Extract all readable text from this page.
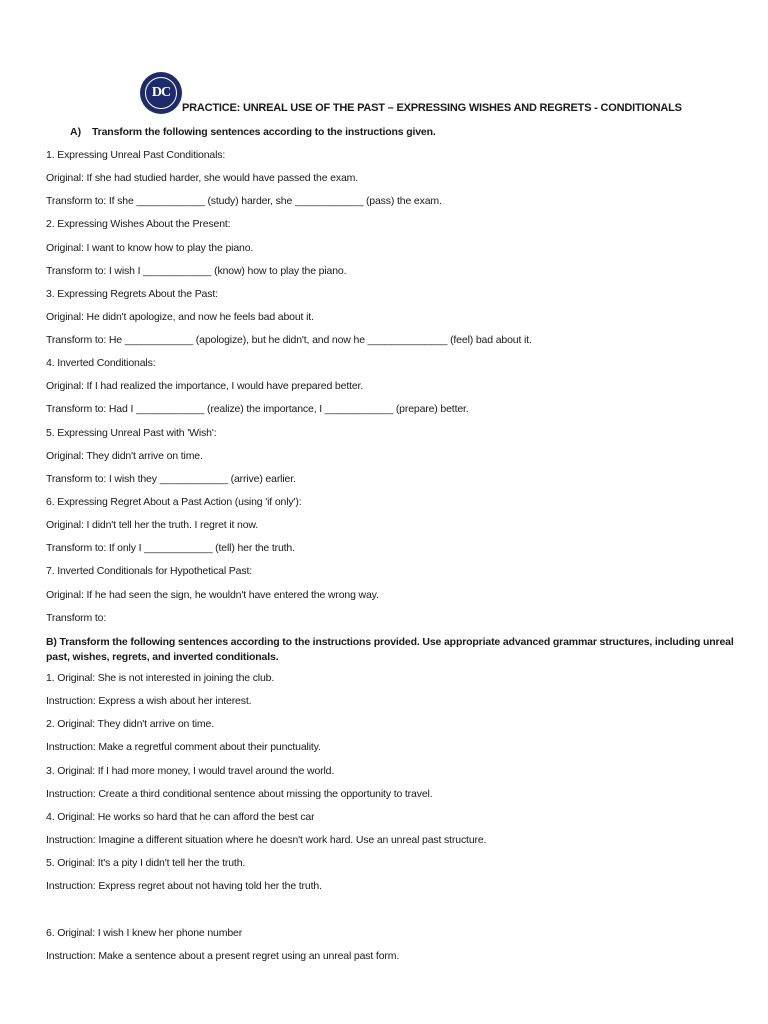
DC
PRACTICE: UNREAL USE OF THE PAST – EXPRESSING WISHES AND REGRETS - CONDITIONALS
A) Transform the following sentences according to the instructions given.
1. Expressing Unreal Past Conditionals:
Original: If she had studied harder, she would have passed the exam.
Transform to: If she ____________ (study) harder, she ____________ (pass) the exam.
2. Expressing Wishes About the Present:
Original: I want to know how to play the piano.
Transform to: I wish I ____________ (know) how to play the piano.
3. Expressing Regrets About the Past:
Original: He didn't apologize, and now he feels bad about it.
Transform to: He ____________ (apologize), but he didn't, and now he ______________ (feel) bad about it.
4. Inverted Conditionals:
Original: If I had realized the importance, I would have prepared better.
Transform to: Had I ____________ (realize) the importance, I ____________ (prepare) better.
5. Expressing Unreal Past with 'Wish':
Original: They didn't arrive on time.
Transform to: I wish they ____________ (arrive) earlier.
6. Expressing Regret About a Past Action (using 'if only'):
Original: I didn't tell her the truth. I regret it now.
Transform to: If only I ____________ (tell) her the truth.
7. Inverted Conditionals for Hypothetical Past:
Original: If he had seen the sign, he wouldn't have entered the wrong way.
Transform to:
B) Transform the following sentences according to the instructions provided. Use appropriate advanced grammar structures, including unreal past, wishes, regrets, and inverted conditionals.
1. Original: She is not interested in joining the club.
Instruction: Express a wish about her interest.
2. Original: They didn't arrive on time.
Instruction: Make a regretful comment about their punctuality.
3. Original: If I had more money, I would travel around the world.
Instruction: Create a third conditional sentence about missing the opportunity to travel.
4. Original: He works so hard that he can afford the best car
Instruction: Imagine a different situation where he doesn't work hard. Use an unreal past structure.
5. Original: It's a pity I didn't tell her the truth.
Instruction: Express regret about not having told her the truth.
6. Original: I wish I knew her phone number
Instruction: Make a sentence about a present regret using an unreal past form.
